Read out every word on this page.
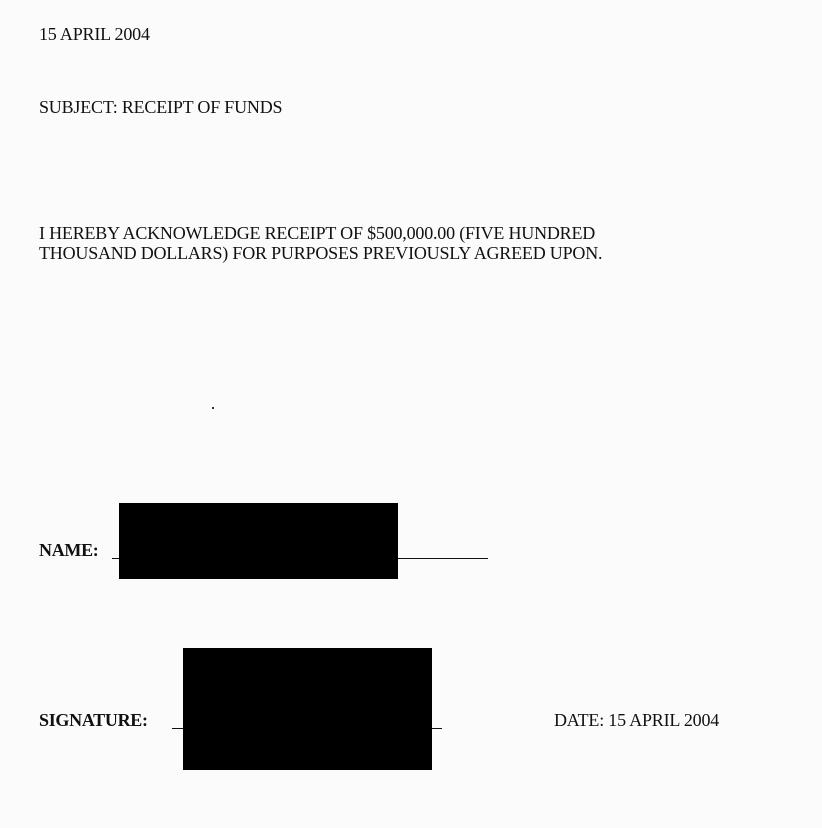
15 APRIL 2004
SUBJECT: RECEIPT OF FUNDS
I HEREBY ACKNOWLEDGE RECEIPT OF $500,000.00 (FIVE HUNDRED
THOUSAND DOLLARS) FOR PURPOSES PREVIOUSLY AGREED UPON.
NAME:
SIGNATURE:	DATE: 15 APRIL 2004
